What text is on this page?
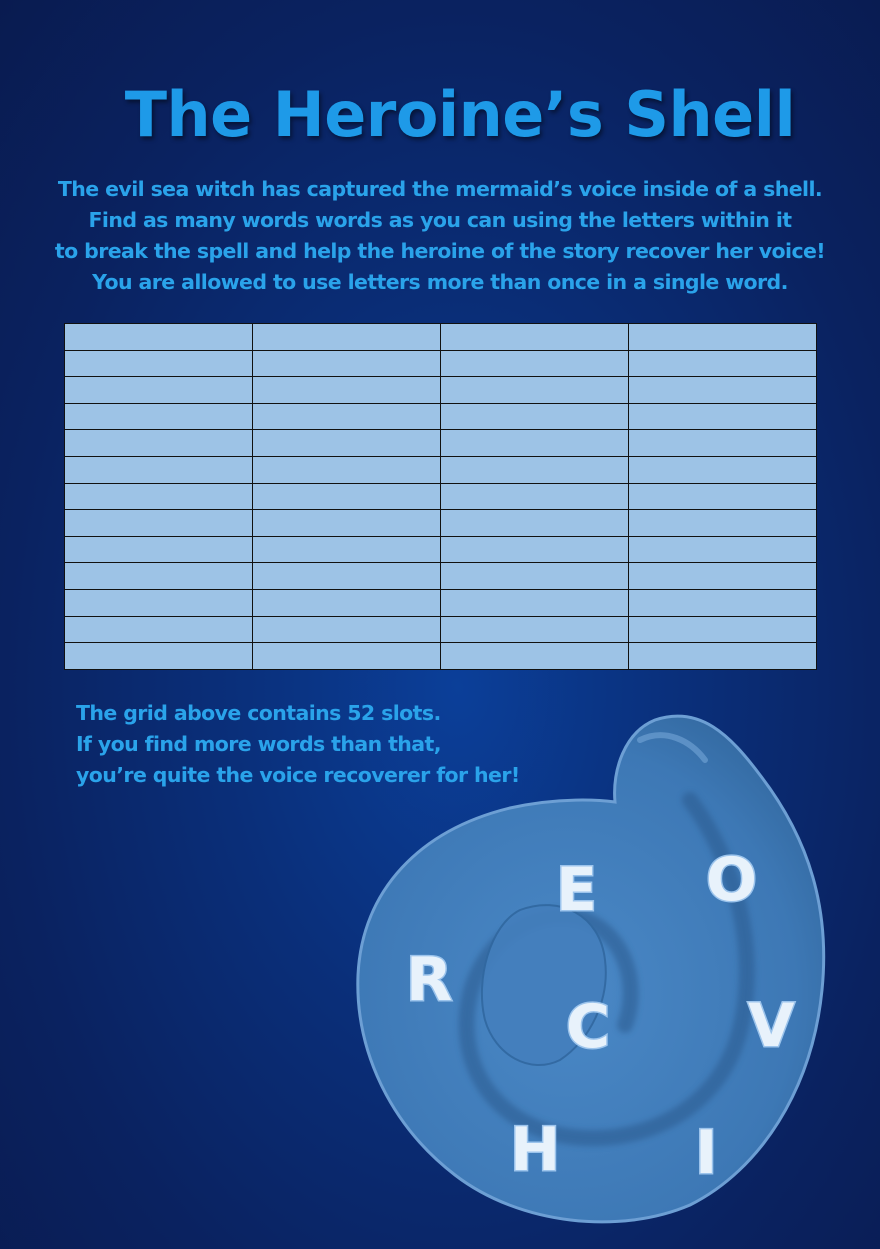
The Heroine’s Shell
The evil sea witch has captured the mermaid’s voice inside of a shell.
Find as many words words as you can using the letters within it
to break the spell and help the heroine of the story recover her voice!
You are allowed to use letters more than once in a single word.

The grid above contains 52 slots.
If you find more words than that,
you’re quite the voice recoverer for her!
E O
R
C V
H I
